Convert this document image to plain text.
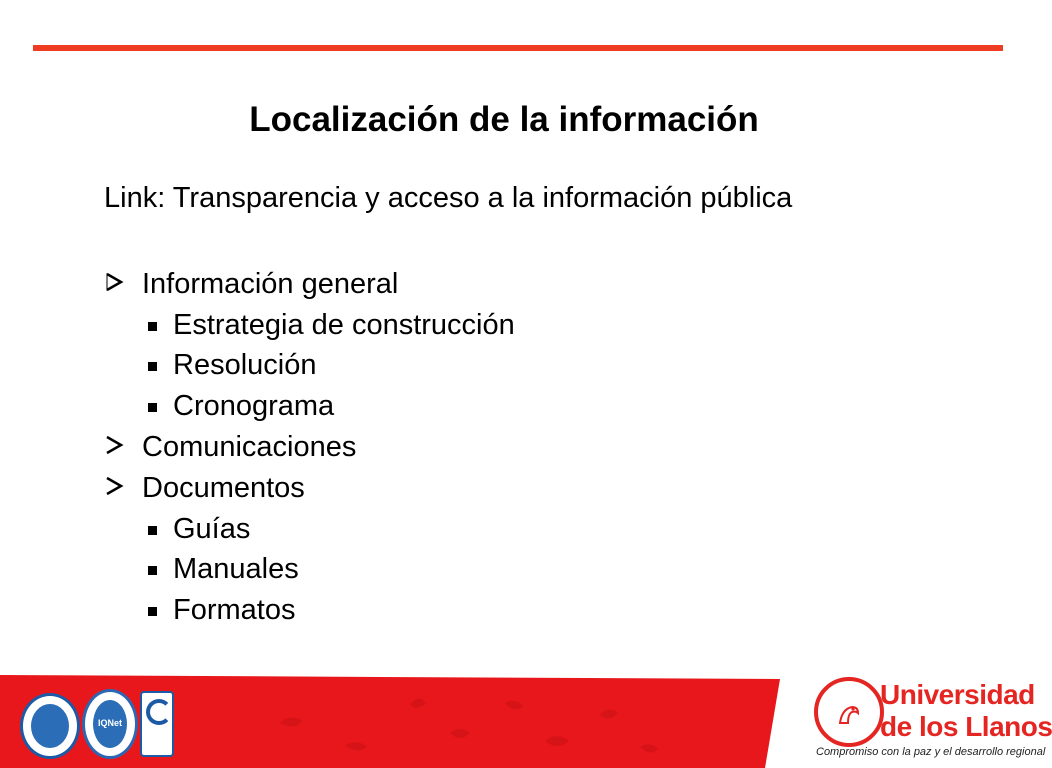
Localización de la información
Link: Transparencia y acceso a la información pública
Información general
Estrategia de construcción
Resolución
Cronograma
Comunicaciones
Documentos
Guías
Manuales
Formatos
IQNet
Universidad
de los Llanos
Compromiso con la paz y el desarrollo regional
